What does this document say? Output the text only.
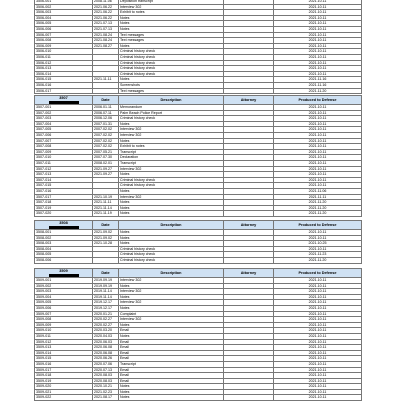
3506-001	2008.11.06	Deposition transcript		2021.10.11
3506-002	2021.06.22	Interview 302		2021.10.11
3506-003	2021.06.22	Exhibit to notes		2021.10.11
3506-004	2021.06.22	Notes		2021.10.11
3506-005	2021.07.13	Notes		2021.10.11
3506-006	2021.07.13	Notes		2021.10.11
3506-007	2021.08.24	Text messages		2021.10.11
3506-008	2021.08.24	Text messages		2021.10.11
3506-009	2021.08.27	Notes		2021.10.11
3506-010		Criminal history check		2021.10.11
3506-011		Criminal history check		2021.10.11
3506-012		Criminal history check		2021.10.11
3506-013		Criminal history check		2021.10.11
3506-014		Criminal history check		2021.10.11
3506-015	2021.11.11	Notes		2021.11.16
3506-016		Screenshots		2021.11.16
3506-017		Text messages		2021.11.20
3507	Date	Description	Attorney	Produced to Defense
3507-001	2006.01.11	Memorandum		2021.10.11
3507-002	2006.07.11	Palm Beach Police Report		2021.10.11
3507-003	2006.12.06	Criminal history check		2021.10.11
3507-004	2007.01.31	Notes		2021.10.11
3507-005	2007.02.02	Interview 302		2021.10.11
3507-006	2007.02.02	Interview 302		2021.10.11
3507-007	2007.02.02	Notes		2021.10.11
3507-008	2007.02.02	Exhibit to notes		2021.10.11
3507-009	2007.05.21	Transcript		2021.10.11
3507-010	2007.07.30	Declaration		2021.10.11
3507-011	2008.02.01	Transcript		2021.10.11
3507-012	2021.09.27	Interview 302		2021.10.11
3507-013	2021.09.27	Notes		2021.10.11
3507-014		Criminal history check		2021.10.11
3507-015		Criminal history check		2021.10.11
3507-016		Notes		2021.11.06
3507-017	2021.10.19	Interview 302		2021.11.11
3507-018	2021.11.11	Notes		2021.11.20
3507-019	2021.11.14	Notes		2021.11.20
3507-020	2021.11.19	Notes		2021.11.20
3508	Date	Description	Attorney	Produced to Defense
3508-001	2021.09.02	Notes		2021.10.11
3508-002	2021.09.02	Notes		2021.10.11
3508-003	2021.10.28	Notes		2021.10.25
3508-004		Criminal history check		2021.10.11
3508-005		Criminal history check		2021.11.23
3508-006		Criminal history check		2021.11.20
3509	Date	Description	Attorney	Produced to Defense
3509-001	2019.09.19	Interview 302		2021.10.11
3509-002	2019.09.19	Notes		2021.10.11
3509-003	2019.11.14	Interview 302		2021.10.11
3509-004	2019.11.14	Notes		2021.10.11
3509-005	2019.12.17	Interview 302		2021.10.11
3509-006	2019.12.17	Notes		2021.10.11
3509-007	2020.01.21	Complaint		2021.10.11
3509-008	2020.02.27	Interview 302		2021.10.11
3509-009	2020.02.27	Notes		2021.10.11
3509-010	2020.03.20	Email		2021.10.11
3509-011	2020.04.03	Notes		2021.10.11
3509-012	2020.06.03	Email		2021.10.11
3509-013	2020.06.08	Email		2021.10.11
3509-014	2020.06.08	Email		2021.10.11
3509-015	2020.06.26	Email		2021.10.11
3509-016	2020.07.06	Transcript		2021.10.11
3509-017	2020.07.13	Email		2021.10.11
3509-018	2020.08.03	Email		2021.10.11
3509-019	2020.08.03	Email		2021.10.11
3509-020	2020.10.21	Notes		2021.10.11
3509-021	2021.02.23	Notes		2021.10.11
3509-022	2021.08.17	Notes		2021.10.11
